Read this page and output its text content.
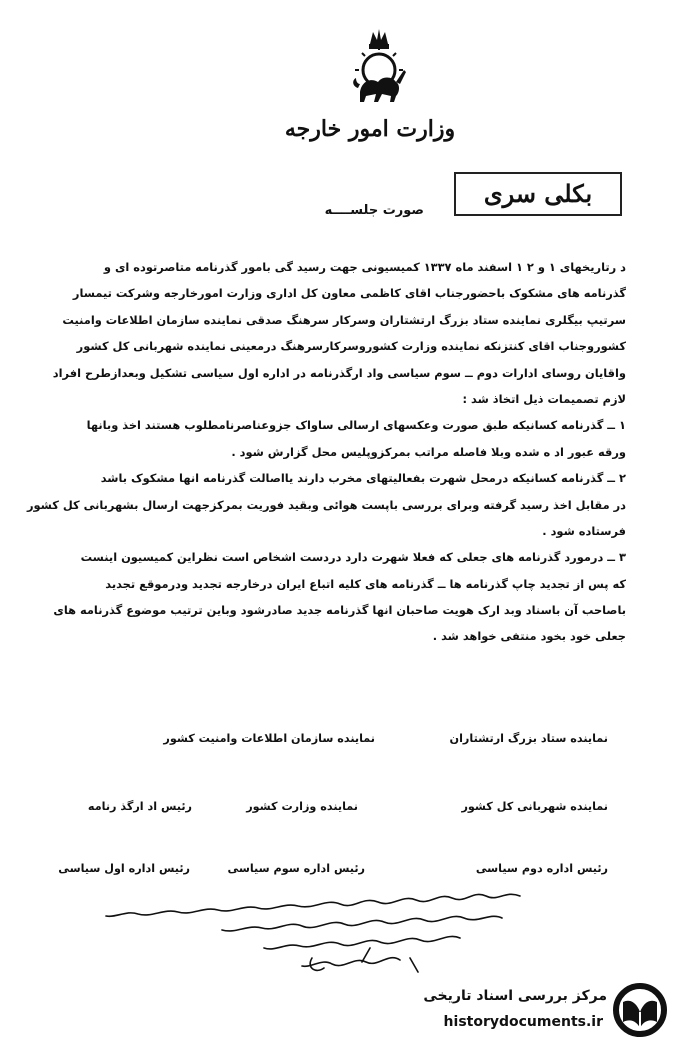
وزارت امور خارجه
بکلی سری
صورت جلســــه
د رتاریخهای ۱ و ۲ ۱ اسفند ماه ۱۳۳۷ کمیسیونی جهت رسید گی بامور گذرنامه متاصرتوده ای و
گذرنامه های مشکوک باحضورجناب اقای کاظمی معاون کل اداری وزارت امورخارجه وشرکت تیمسار
سرتیپ بیگلری نماینده ستاد بزرگ ارتشتاران وسرکار سرهنگ صدقی نماینده سازمان اطلاعات وامنیت
کشوروجناب اقای کنتزنکه نماینده وزارت کشوروسرکارسرهنگ درمعینی نماینده شهربانی کل کشور
واقایان روسای ادارات دوم ــ سوم سیاسی واد ارگذرنامه در اداره اول سیاسی تشکیل وبعدازطرح افراد
لازم تصمیمات ذیل اتخاذ شد :
۱ ــ گذرنامه کسانیکه طبق صورت وعکسهای ارسالی ساواک جزوعناصرنامطلوب هستند اخذ وبانها
ورقه عبور اد ه شده وبلا فاصله مراتب بمرکزوپلیس محل گزارش شود .
۲ ــ گذرنامه کسانیکه درمحل شهرت بفعالیتهای مخرب دارند یااصالت گذرنامه انها مشکوک باشد
در مقابل اخذ رسید گرفته وبرای بررسی باپست هوائی وبقید فوریت بمرکزجهت ارسال بشهربانی کل کشور
فرستاده شود .
۳ ــ درمورد گذرنامه های جعلی که فعلا شهرت دارد دردست اشخاص است نظراین کمیسیون اینست
که پس از تجدید چاپ گذرنامه ها ــ گذرنامه های کلیه اتباع ایران درخارجه تجدید ودرموقع تجدید
باصاحب آن باسناد وبد ارک هویت صاحبان انها گذرنامه جدید صادرشود وباین ترتیب موضوع گذرنامه های
جعلی خود بخود منتفی خواهد شد .
نماینده ستاد بزرگ ارتشتاران
نماینده سازمان اطلاعات وامنیت کشور
نماینده شهربانی کل کشور
نماینده وزارت کشور
رئیس اد ارگذ رنامه
رئیس اداره دوم سیاسی
رئیس اداره سوم سیاسی
رئیس اداره اول سیاسی
مرکز بررسی اسناد تاریخی
historydocuments.ir
